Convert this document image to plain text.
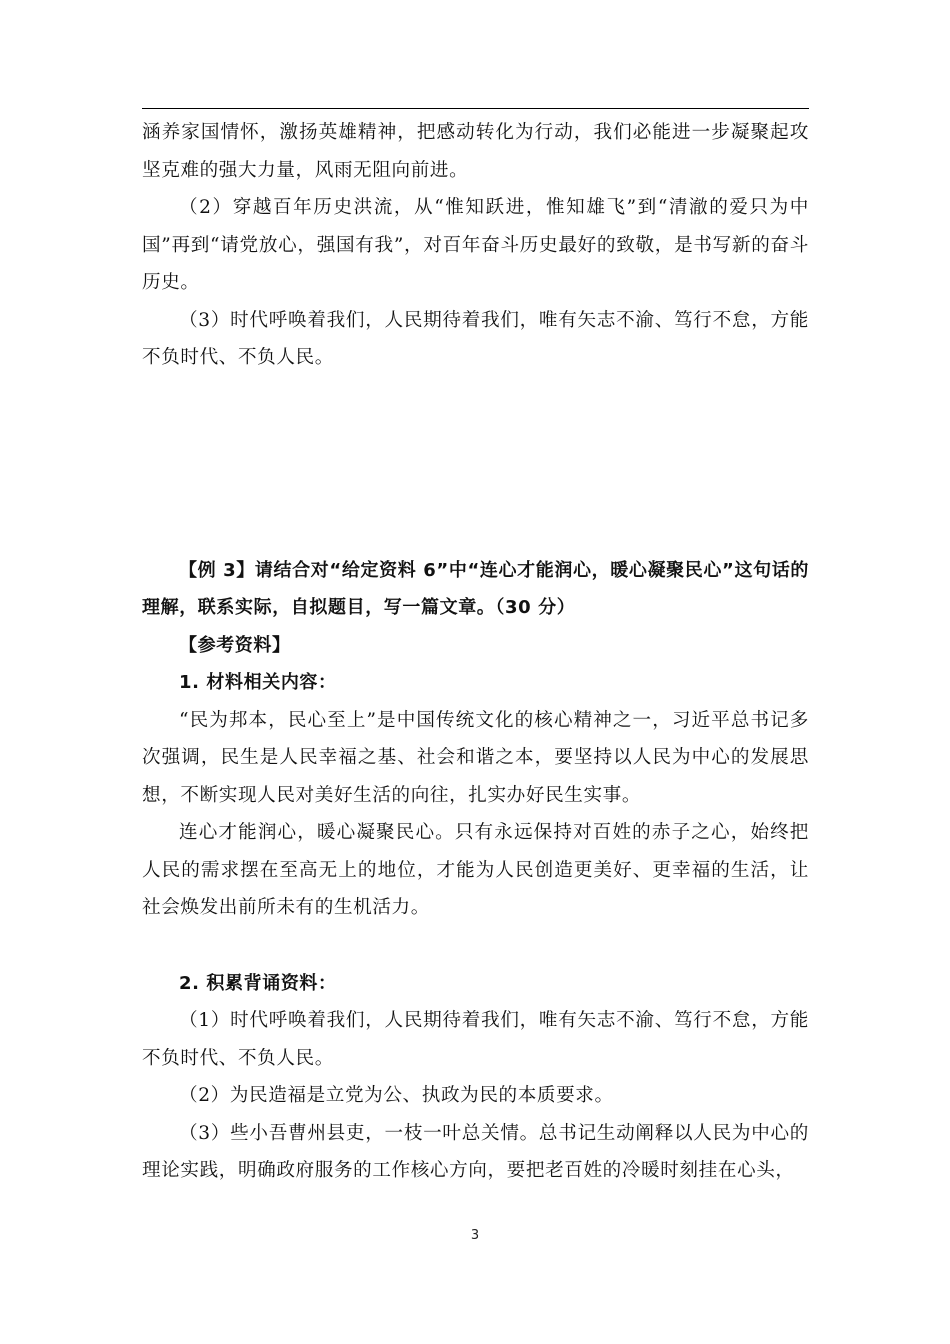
涵养家国情怀，激扬英雄精神，把感动转化为行动，我们必能进一步凝聚起攻坚克难的强大力量，风雨无阻向前进。

（2）穿越百年历史洪流，从“惟知跃进，惟知雄飞”到“清澈的爱只为中国”再到“请党放心，强国有我”，对百年奋斗历史最好的致敬，是书写新的奋斗历史。

（3）时代呼唤着我们，人民期待着我们，唯有矢志不渝、笃行不怠，方能不负时代、不负人民。

【例 3】请结合对“给定资料 6”中“连心才能润心，暖心凝聚民心”这句话的理解，联系实际，自拟题目，写一篇文章。（30 分）

【参考资料】

1. 材料相关内容：

“民为邦本，民心至上”是中国传统文化的核心精神之一，习近平总书记多次强调，民生是人民幸福之基、社会和谐之本，要坚持以人民为中心的发展思想，不断实现人民对美好生活的向往，扎实办好民生实事。

连心才能润心，暖心凝聚民心。只有永远保持对百姓的赤子之心，始终把人民的需求摆在至高无上的地位，才能为人民创造更美好、更幸福的生活，让社会焕发出前所未有的生机活力。

2. 积累背诵资料：

（1）时代呼唤着我们，人民期待着我们，唯有矢志不渝、笃行不怠，方能不负时代、不负人民。

（2）为民造福是立党为公、执政为民的本质要求。

（3）些小吾曹州县吏，一枝一叶总关情。总书记生动阐释以人民为中心的理论实践，明确政府服务的工作核心方向，要把老百姓的冷暖时刻挂在心头，

3
